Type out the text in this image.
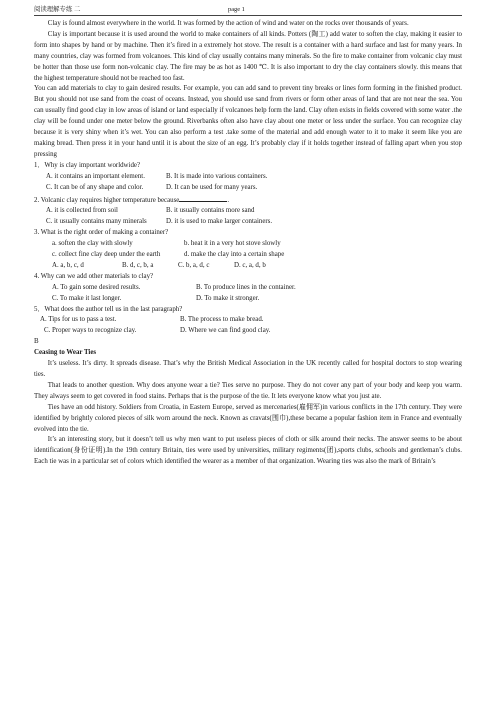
阅读理解专练 二	page 1

Clay is found almost everywhere in the world. It was formed by the action of wind and water on the rocks over thousands of years.

Clay is important because it is used around the world to make containers of all kinds. Potters (陶工) add water to soften the clay, making it easier to form into shapes by hand or by machine. Then it’s fired in a extremely hot stove. The result is a container with a hard surface and last for many years. In many countries, clay was formed from volcanoes. This kind of clay usually contains many minerals. So the fire to make container from volcanic clay must be hotter than those use form non-volcanic clay. The fire may be as hot as 1400 ℃. It is also important to dry the clay containers slowly. this means that the highest temperature should not be reached too fast.

You can add materials to clay to gain desired results. For example, you can add sand to prevent tiny breaks or lines form forming in the finished product. But you should not use sand from the coast of oceans. Instead, you should use sand from rivers or form other areas of land that are not near the sea. You can usually find good clay in low areas of island or land especially if volcanoes help form the land. Clay often exists in fields covered with some water .the clay will be found under one meter below the ground. Riverbanks often also have clay about one meter or less under the surface. You can recognize clay because it is very shiny when it’s wet. You can also perform a test .take some of the material and add enough water to it to make it seem like you are making bread. Then press it in your hand until it is about the size of an egg. It’s probably clay if it holds together instead of falling apart when you stop pressing

1．Why is clay important worldwide?

A. it contains an important element.	B. It is made into various containers.
C. It can be of any shape and color.	D. It can be used for many years.

2. Volcanic clay requires higher temperature because	.

A. it is collected from soil	B. it usually contains more sand
C. it usually contains many minerals	D. it is used to make larger containers.

3. What is the right order of making a container?

a. soften the clay with slowly	b. heat it in a very hot stove slowly
c. collect fine clay deep under the earth	d. make the clay into a certain shape
A. a, b, c, d	B. d, c, b, a	C. b, a, d, c	D. c, a, d, b

4. Why can we add other materials to clay?

A. To gain some desired results.	B. To produce lines in the container.
C. To make it last longer.	D. To make it stronger.

5．What does the author tell us in the last paragraph?

A. Tips for us to pass a test.	B. The process to make bread.
C. Proper ways to recognize clay.	D. Where we can find good clay.

B

Ceasing to Wear Ties

It’s useless. It’s dirty. It spreads disease. That’s why the British Medical Association in the UK recently called for hospital doctors to stop wearing ties.

That leads to another question. Why does anyone wear a tie? Ties serve no purpose. They do not cover any part of your body and keep you warm. They always seem to get covered in food stains. Perhaps that is the purpose of the tie. It lets everyone know what you just ate.

Ties have an odd history. Soldiers from Croatia, in Eastern Europe, served as mercenaries(雇佣军)in various conflicts in the 17th century. They were identified by brightly colored pieces of silk worn around the neck. Known as cravats(围巾),these became a popular fashion item in France and eventually evolved into the tie.

It’s an interesting story, but it doesn’t tell us why men want to put useless pieces of cloth or silk around their necks. The answer seems to be about identification(身份证明).In the 19th century Britain, ties were used by universities, military regiments(团),sports clubs, schools and gentleman’s clubs. Each tie was in a particular set of colors which identified the wearer as a member of that organization. Wearing ties was also the mark of Britain’s
